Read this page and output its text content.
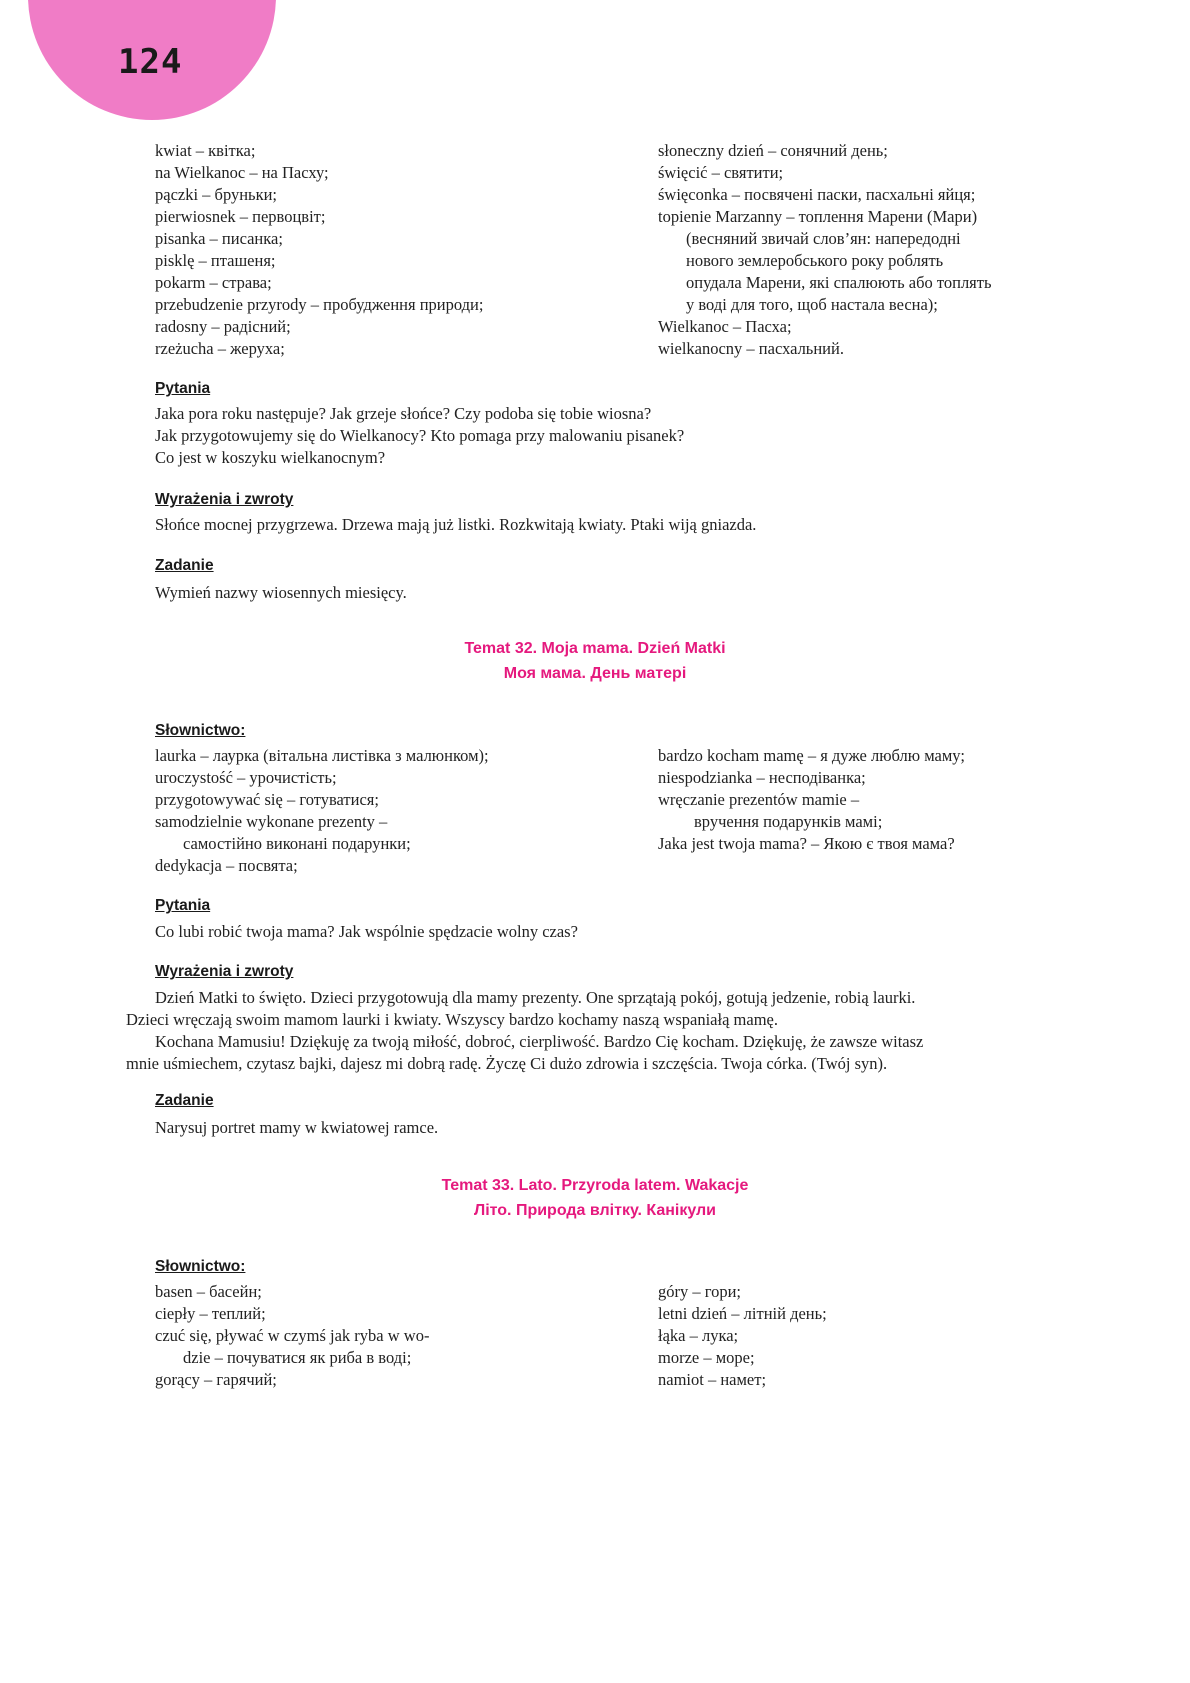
124
kwiat – квітка;
na Wielkanoc – на Пасху;
pączki – бруньки;
pierwiosnek – первоцвіт;
pisanka – писанка;
pisklę – пташеня;
pokarm – страва;
przebudzenie przyrody – пробудження природи;
radosny – радісний;
rzeżucha – жеруха;
słoneczny dzień – сонячний день;
święcić – святити;
święconka – посвячені паски, пасхальні яйця;
topienie Marzanny – топлення Марени (Мари)
(весняний звичай слов’ян: напередодні
нового землеробського року роблять
опудала Марени, які спалюють або топлять
у воді для того, щоб настала весна);
Wielkanoc – Пасха;
wielkanocny – пасхальний.
Pytania
Jaka pora roku następuje? Jak grzeje słońce? Czy podoba się tobie wiosna?
Jak przygotowujemy się do Wielkanocy? Kto pomaga przy malowaniu pisanek?
Co jest w koszyku wielkanocnym?
Wyrażenia i zwroty
Słońce mocnej przygrzewa. Drzewa mają już listki. Rozkwitają kwiaty. Ptaki wiją gniazda.
Zadanie
Wymień nazwy wiosennych miesięcy.
Temat 32. Moja mama. Dzień Matki
Моя мама. День матері
Słownictwo:
laurka – лаурка (вітальна листівка з малюнком);
uroczystość – урочистість;
przygotowywać się – готуватися;
samodzielnie wykonane prezenty –
самостійно виконані подарунки;
dedykacja – посвята;
bardzo kocham mamę – я дуже люблю маму;
niespodzianka – несподіванка;
wręczanie prezentów mamie –
вручення подарунків мамі;
Jaka jest twoja mama? – Якою є твоя мама?
Pytania
Co lubi robić twoja mama? Jak wspólnie spędzacie wolny czas?
Wyrażenia i zwroty
Dzień Matki to święto. Dzieci przygotowują dla mamy prezenty. One sprzątają pokój, gotują jedzenie, robią laurki.
Dzieci wręczają swoim mamom laurki i kwiaty. Wszyscy bardzo kochamy naszą wspaniałą mamę.
Kochana Mamusiu! Dziękuję za twoją miłość, dobroć, cierpliwość. Bardzo Cię kocham. Dziękuję, że zawsze witasz
mnie uśmiechem, czytasz bajki, dajesz mi dobrą radę. Życzę Ci dużo zdrowia i szczęścia. Twoja córka. (Twój syn).
Zadanie
Narysuj portret mamy w kwiatowej ramce.
Temat 33. Lato. Przyroda latem. Wakacje
Літо. Природа влітку. Канікули
Słownictwo:
basen – басейн;
ciepły – теплий;
czuć się, pływać w czymś jak ryba w wo-
dzie – почуватися як риба в воді;
gorący – гарячий;
góry – гори;
letni dzień – літній день;
łąka – лука;
morze – море;
namiot – намет;
